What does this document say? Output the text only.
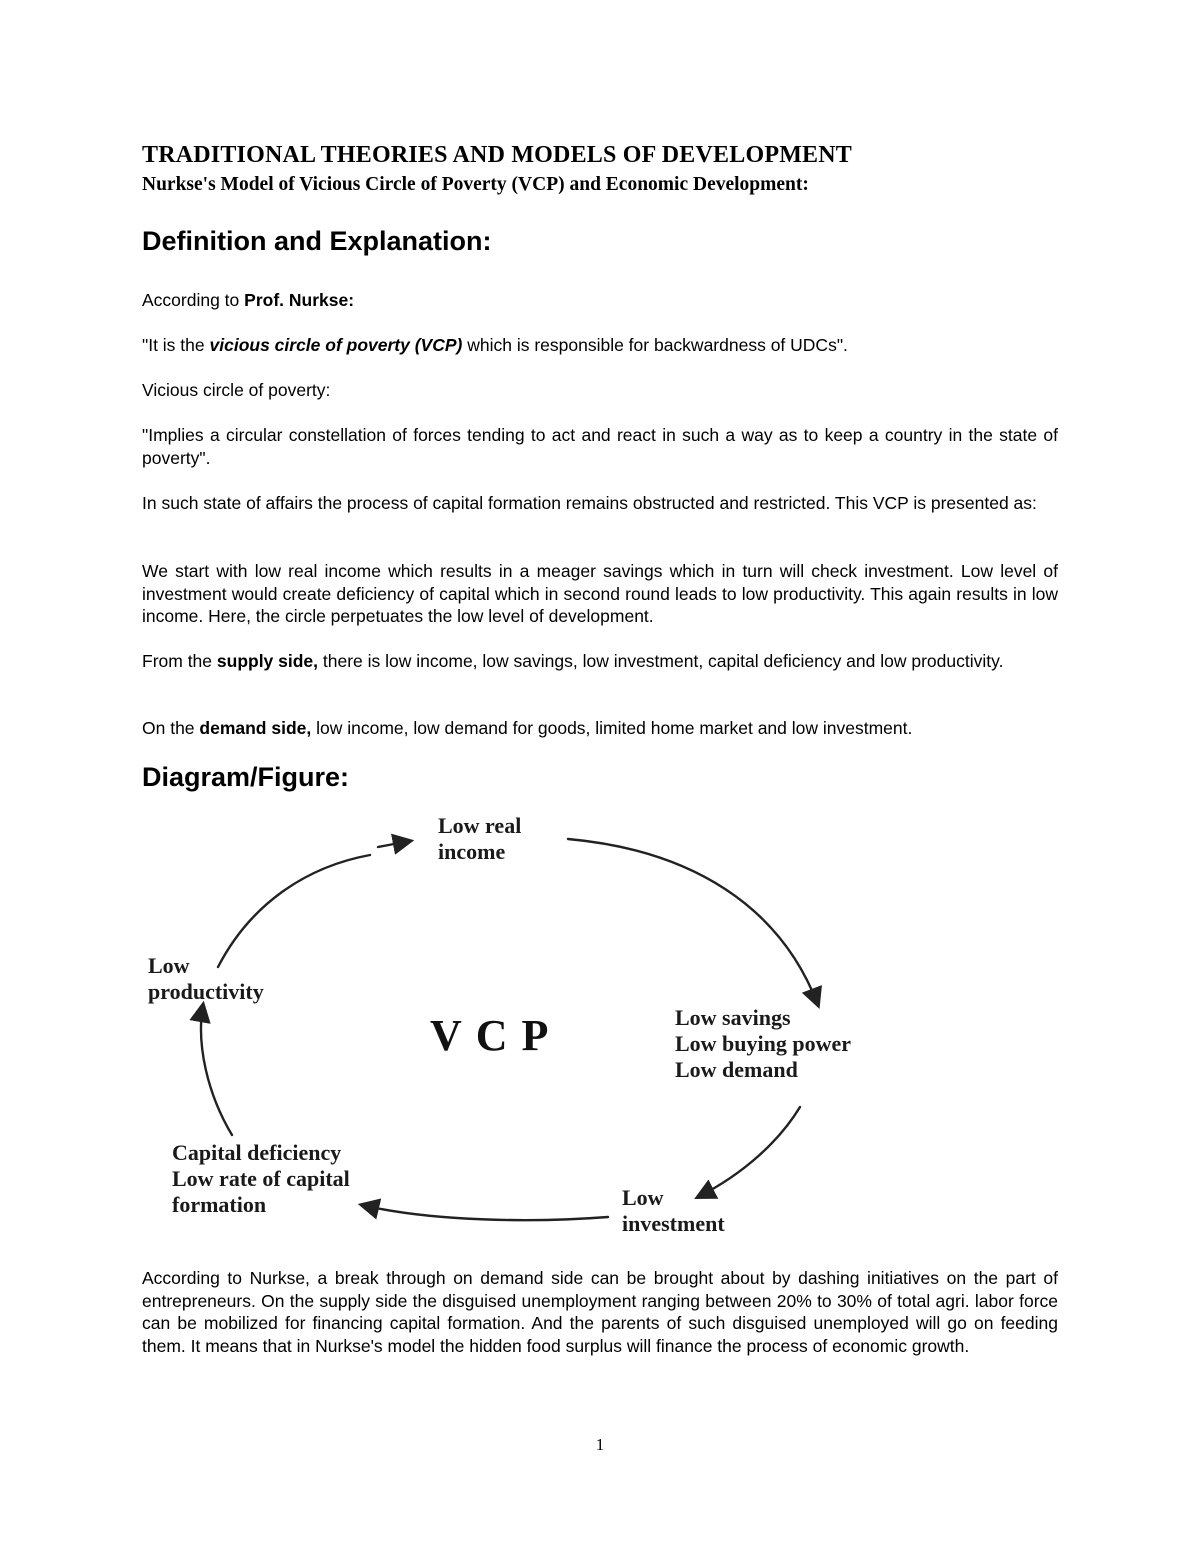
TRADITIONAL THEORIES AND MODELS OF DEVELOPMENT

Nurkse's Model of Vicious Circle of Poverty (VCP) and Economic Development:

Definition and Explanation:

According to Prof. Nurkse:

"It is the vicious circle of poverty (VCP) which is responsible for backwardness of UDCs".

Vicious circle of poverty:

"Implies a circular constellation of forces tending to act and react in such a way as to keep a country in the state of poverty".

In such state of affairs the process of capital formation remains obstructed and restricted. This VCP is presented as:

We start with low real income which results in a meager savings which in turn will check investment. Low level of investment would create deficiency of capital which in second round leads to low productivity. This again results in low income. Here, the circle perpetuates the low level of development.

From the supply side, there is low income, low savings, low investment, capital deficiency and low productivity.

On the demand side, low income, low demand for goods, limited home market and low investment.

Diagram/Figure:
Low real
income
Low savings
Low buying power
Low demand
Low
investment
Capital deficiency
Low rate of capital
formation
Low
productivity
VCP

According to Nurkse, a break through on demand side can be brought about by dashing initiatives on the part of entrepreneurs. On the supply side the disguised unemployment ranging between 20% to 30% of total agri. labor force can be mobilized for financing capital formation. And the parents of such disguised unemployed will go on feeding them. It means that in Nurkse's model the hidden food surplus will finance the process of economic growth.

1
